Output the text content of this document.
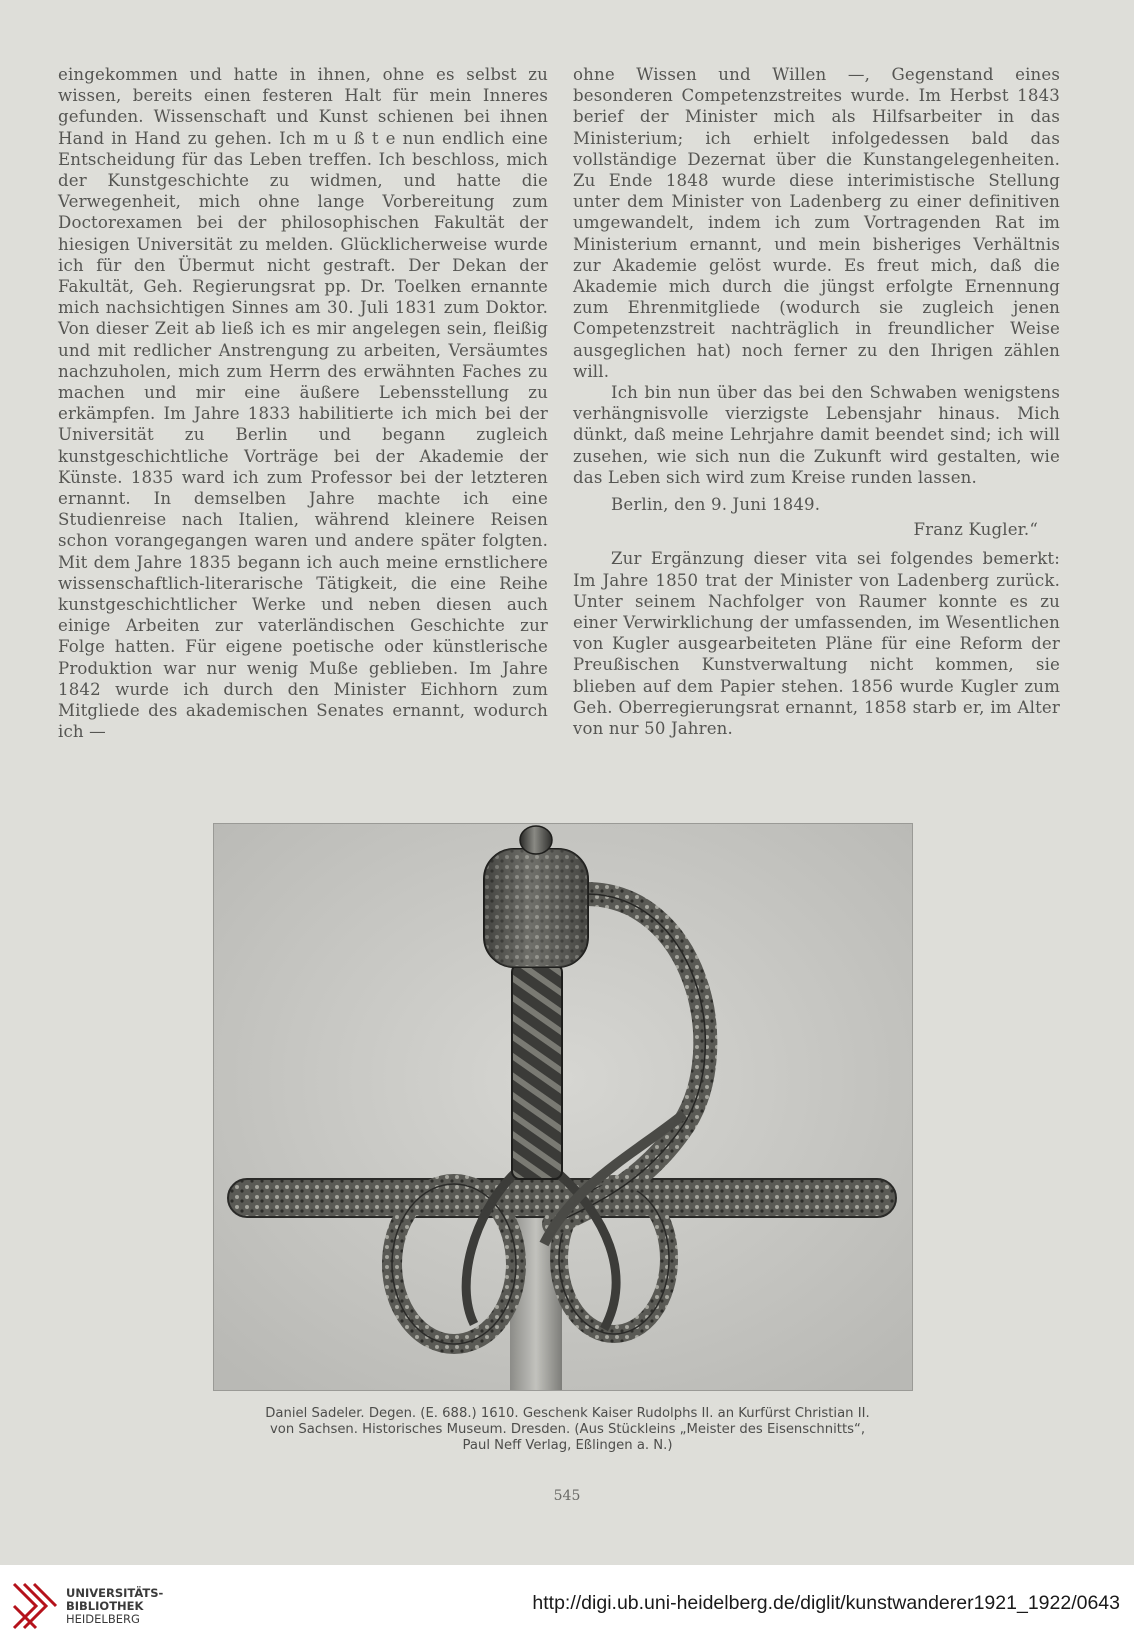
eingekommen und hatte in ihnen, ohne es selbst zu wissen, bereits einen festeren Halt für mein Inneres gefunden. Wissenschaft und Kunst schienen bei ihnen Hand in Hand zu gehen. Ich m u ß t e nun endlich eine Entscheidung für das Leben treffen. Ich beschloss, mich der Kunstgeschichte zu widmen, und hatte die Verwegenheit, mich ohne lange Vorbereitung zum Doctorexamen bei der philosophischen Fakultät der hiesigen Universität zu melden. Glücklicherweise wurde ich für den Übermut nicht gestraft. Der Dekan der Fakultät, Geh. Regierungsrat pp. Dr. Toelken ernannte mich nachsichtigen Sinnes am 30. Juli 1831 zum Doktor. Von dieser Zeit ab ließ ich es mir angelegen sein, fleißig und mit redlicher Anstrengung zu arbeiten, Versäumtes nachzuholen, mich zum Herrn des erwähnten Faches zu machen und mir eine äußere Lebensstellung zu erkämpfen. Im Jahre 1833 habilitierte ich mich bei der Universität zu Berlin und begann zugleich kunstgeschichtliche Vorträge bei der Akademie der Künste. 1835 ward ich zum Professor bei der letzteren ernannt. In demselben Jahre machte ich eine Studienreise nach Italien, während kleinere Reisen schon vorangegangen waren und andere später folgten. Mit dem Jahre 1835 begann ich auch meine ernstlichere wissenschaftlich-literarische Tätigkeit, die eine Reihe kunstgeschichtlicher Werke und neben diesen auch einige Arbeiten zur vaterländischen Geschichte zur Folge hatten. Für eigene poetische oder künstlerische Produktion war nur wenig Muße geblieben. Im Jahre 1842 wurde ich durch den Minister Eichhorn zum Mitgliede des akademischen Senates ernannt, wodurch ich —

ohne Wissen und Willen —, Gegenstand eines besonderen Competenzstreites wurde. Im Herbst 1843 berief der Minister mich als Hilfsarbeiter in das Ministerium; ich erhielt infolgedessen bald das vollständige Dezernat über die Kunstangelegenheiten. Zu Ende 1848 wurde diese interimistische Stellung unter dem Minister von Ladenberg zu einer definitiven umgewandelt, indem ich zum Vortragenden Rat im Ministerium ernannt, und mein bisheriges Verhältnis zur Akademie gelöst wurde. Es freut mich, daß die Akademie mich durch die jüngst erfolgte Ernennung zum Ehrenmitgliede (wodurch sie zugleich jenen Competenzstreit nachträglich in freundlicher Weise ausgeglichen hat) noch ferner zu den Ihrigen zählen will.

Ich bin nun über das bei den Schwaben wenigstens verhängnisvolle vierzigste Lebensjahr hinaus. Mich dünkt, daß meine Lehrjahre damit beendet sind; ich will zusehen, wie sich nun die Zukunft wird gestalten, wie das Leben sich wird zum Kreise runden lassen.

Berlin, den 9. Juni 1849.

Franz Kugler.“

Zur Ergänzung dieser vita sei folgendes bemerkt: Im Jahre 1850 trat der Minister von Ladenberg zurück. Unter seinem Nachfolger von Raumer konnte es zu einer Verwirklichung der umfassenden, im Wesentlichen von Kugler ausgearbeiteten Pläne für eine Reform der Preußischen Kunstverwaltung nicht kommen, sie blieben auf dem Papier stehen. 1856 wurde Kugler zum Geh. Oberregierungsrat ernannt, 1858 starb er, im Alter von nur 50 Jahren.

Daniel Sadeler. Degen. (E. 688.) 1610. Geschenk Kaiser Rudolphs II. an Kurfürst Christian II.
von Sachsen. Historisches Museum. Dresden. (Aus Stückleins „Meister des Eisenschnitts“,
Paul Neff Verlag, Eßlingen a. N.)
545
UNIVERSITÄTS-
BIBLIOTHEK
HEIDELBERG
http://digi.ub.uni-heidelberg.de/diglit/kunstwanderer1921_1922/0643
